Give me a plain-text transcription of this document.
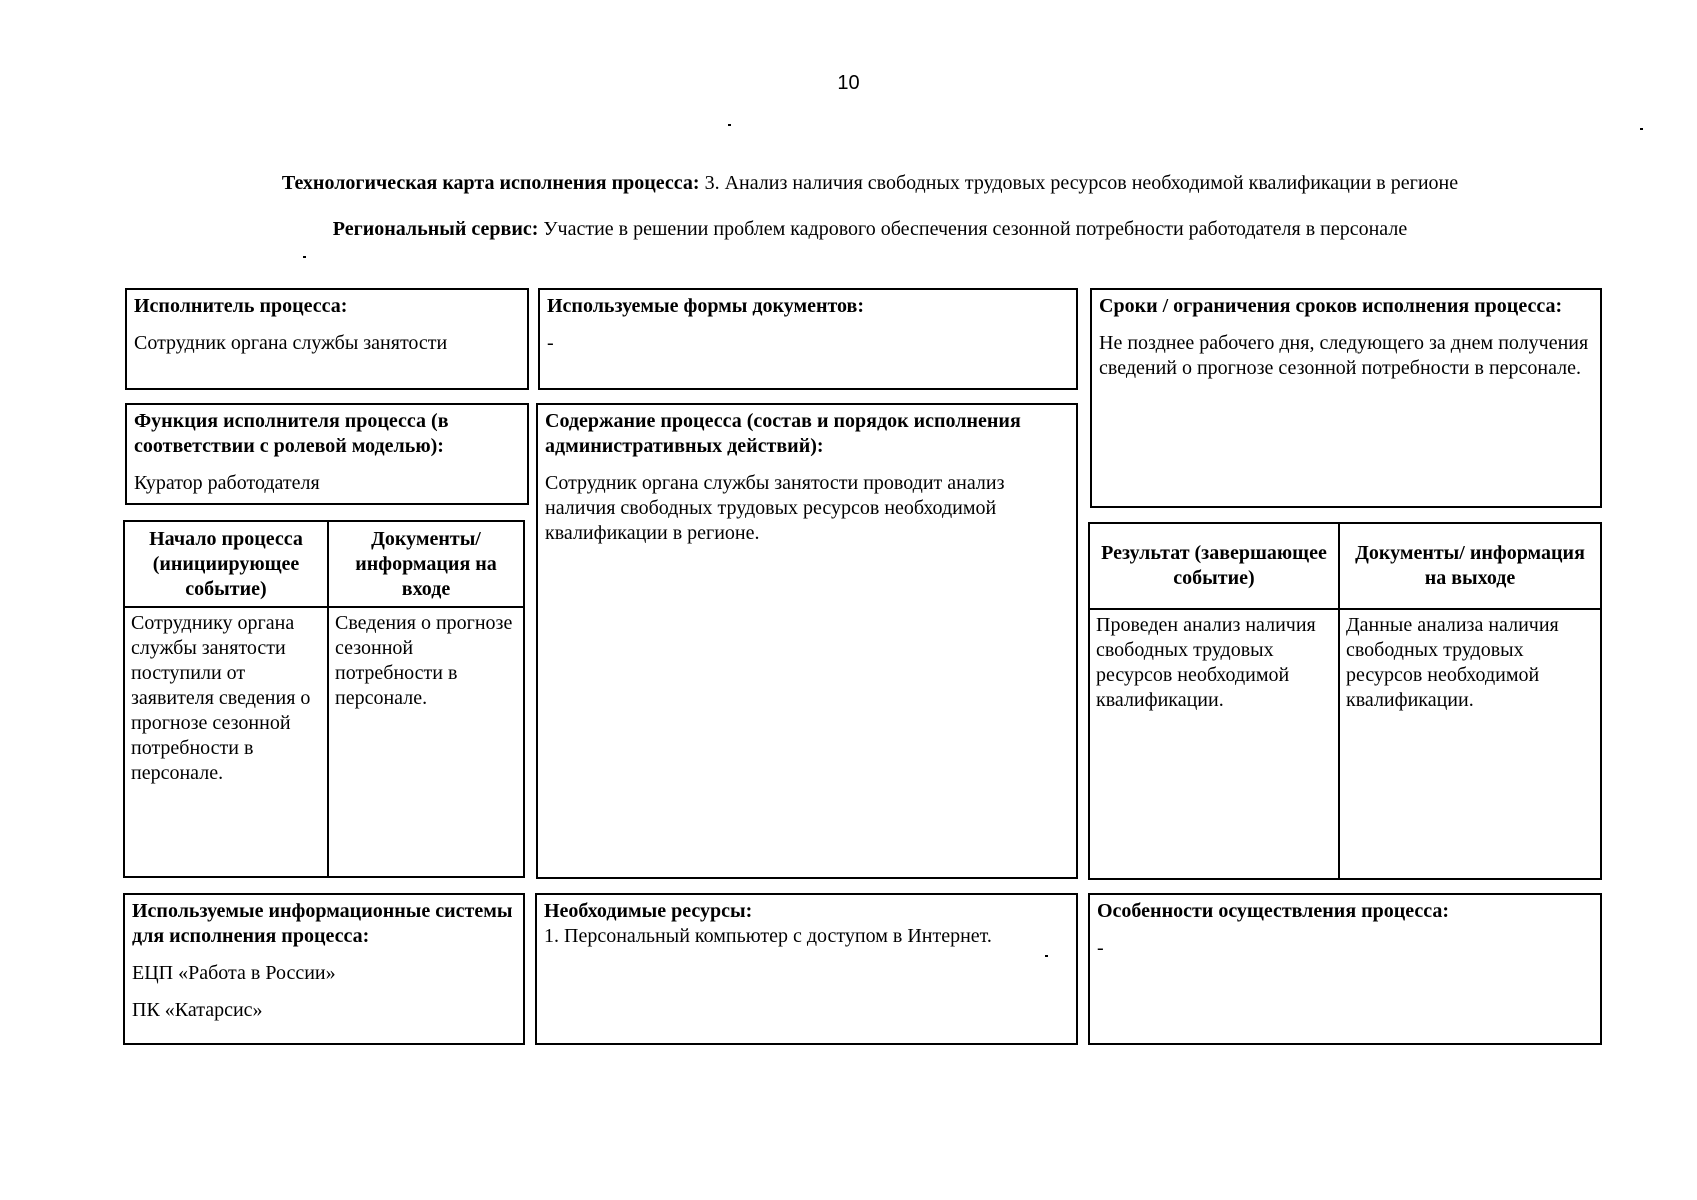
10
Технологическая карта исполнения процесса: 3. Анализ наличия свободных трудовых ресурсов необходимой квалификации в регионе
Региональный сервис: Участие в решении проблем кадрового обеспечения сезонной потребности работодателя в персонале
Исполнитель процесса:
Сотрудник органа службы занятости
Используемые формы документов:
-
Сроки / ограничения сроков исполнения процесса:
Не позднее рабочего дня, следующего за днем получения сведений о прогнозе сезонной потребности в персонале.
Функция исполнителя процесса (в соответствии с ролевой моделью):
Куратор работодателя
Содержание процесса (состав и порядок исполнения административных действий):
Сотрудник органа службы занятости проводит анализ наличия свободных трудовых ресурсов необходимой квалификации в регионе.
Начало процесса (инициирующее событие)	Документы/ информация на входе
Сотруднику органа службы занятости поступили от заявителя сведения о прогнозе сезонной потребности в персонале.	Сведения о прогнозе сезонной потребности в персонале.
Результат (завершающее событие)	Документы/ информация на выходе
Проведен анализ наличия свободных трудовых ресурсов необходимой квалификации.	Данные анализа наличия свободных трудовых ресурсов необходимой квалификации.
Используемые информационные системы для исполнения процесса:
ЕЦП «Работа в России»
ПК «Катарсис»
Необходимые ресурсы:
1. Персональный компьютер с доступом в Интернет.
Особенности осуществления процесса:
-
